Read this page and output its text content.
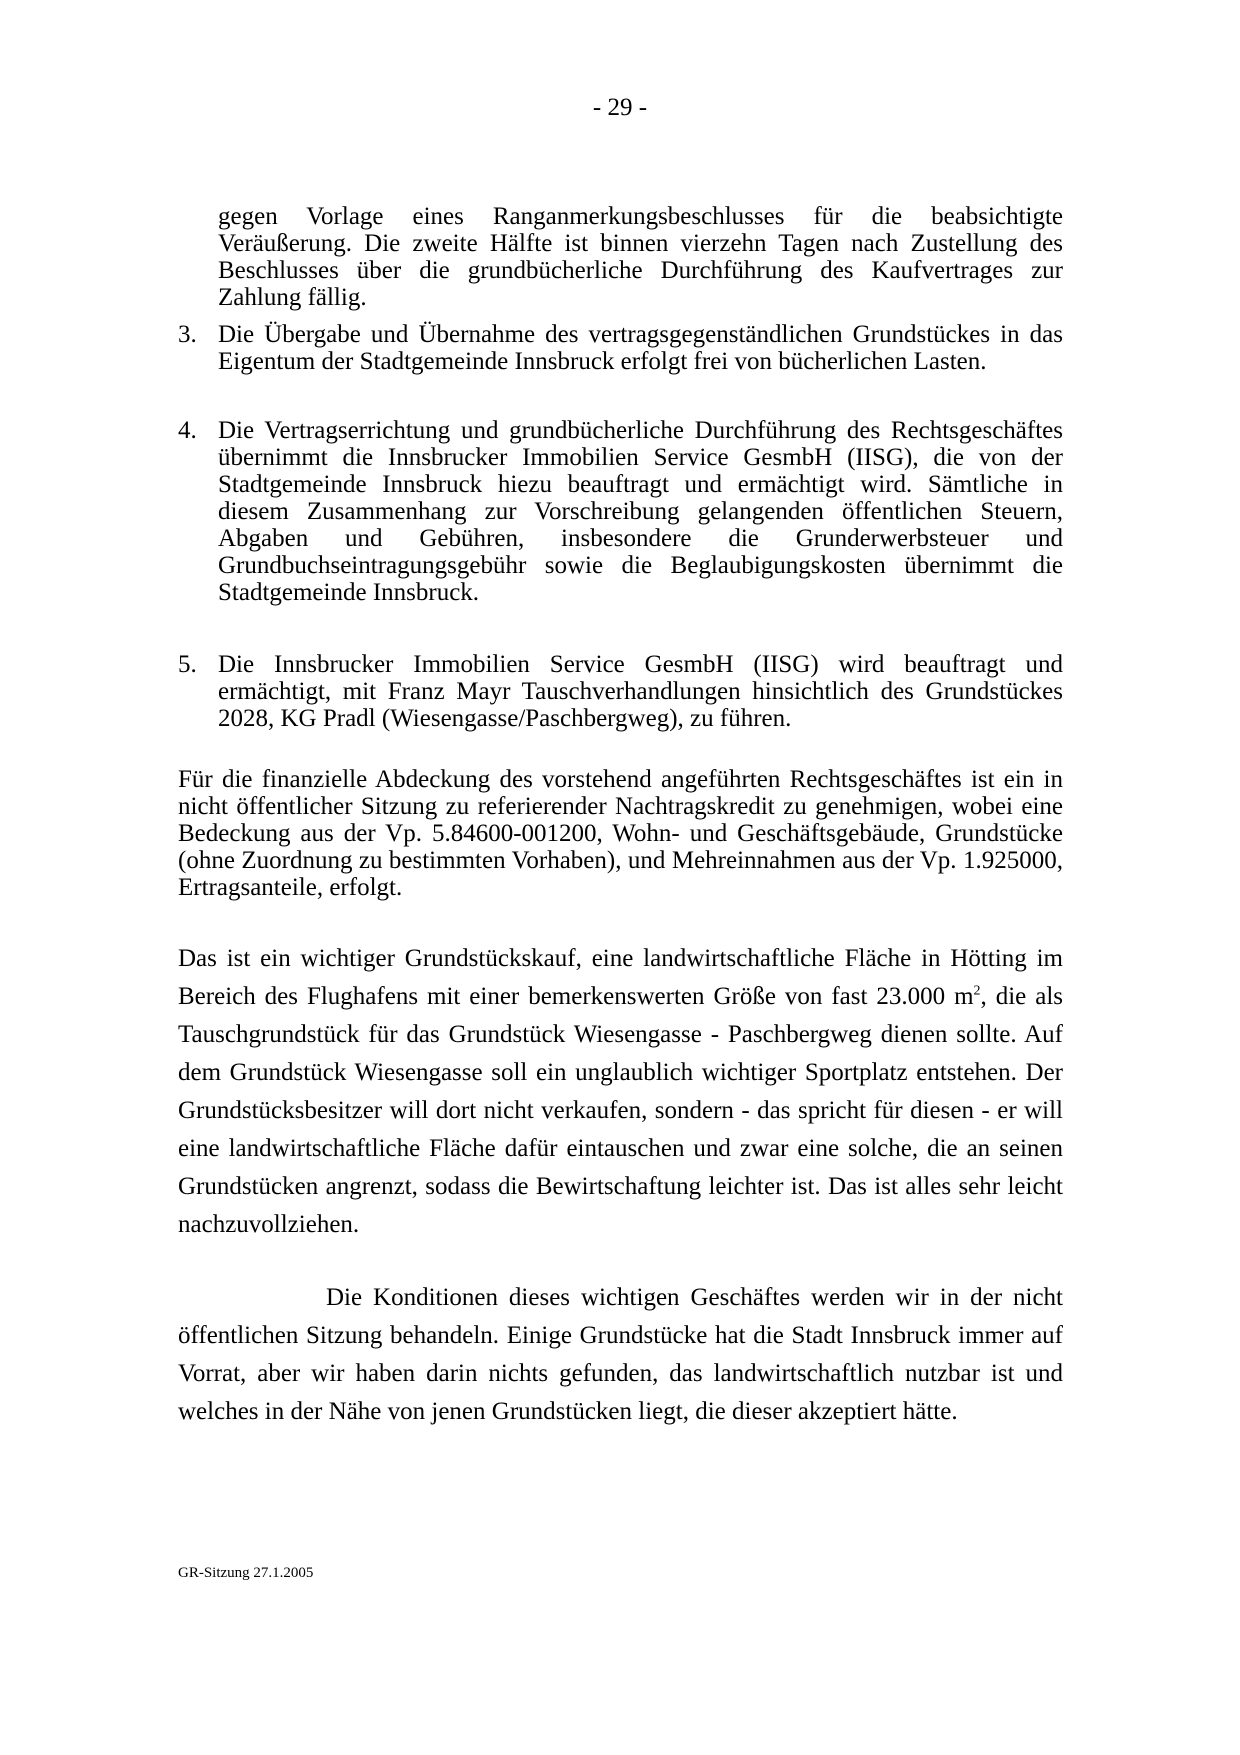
- 29 -

gegen Vorlage eines Ranganmerkungsbeschlusses für die beabsichtigte Veräußerung. Die zweite Hälfte ist binnen vierzehn Tagen nach Zustellung des Beschlusses über die grundbücherliche Durchführung des Kaufvertrages zur Zahlung fällig.

3. Die Übergabe und Übernahme des vertragsgegenständlichen Grundstückes in das Eigentum der Stadtgemeinde Innsbruck erfolgt frei von bücherlichen Lasten.
4. Die Vertragserrichtung und grundbücherliche Durchführung des Rechtsgeschäftes übernimmt die Innsbrucker Immobilien Service GesmbH (IISG), die von der Stadtgemeinde Innsbruck hiezu beauftragt und ermächtigt wird. Sämtliche in diesem Zusammenhang zur Vorschreibung gelangenden öffentlichen Steuern, Abgaben und Gebühren, insbesondere die Grunderwerbsteuer und Grundbuchseintragungsgebühr sowie die Beglaubigungskosten übernimmt die Stadtgemeinde Innsbruck.
5. Die Innsbrucker Immobilien Service GesmbH (IISG) wird beauftragt und ermächtigt, mit Franz Mayr Tauschverhandlungen hinsichtlich des Grundstückes 2028, KG Pradl (Wiesengasse/Paschbergweg), zu führen.

Für die finanzielle Abdeckung des vorstehend angeführten Rechtsgeschäftes ist ein in nicht öffentlicher Sitzung zu referierender Nachtragskredit zu genehmigen, wobei eine Bedeckung aus der Vp. 5.84600-001200, Wohn- und Geschäftsgebäude, Grundstücke (ohne Zuordnung zu bestimmten Vorhaben), und Mehreinnahmen aus der Vp. 1.925000, Ertragsanteile, erfolgt.

Das ist ein wichtiger Grundstückskauf, eine landwirtschaftliche Fläche in Hötting im Bereich des Flughafens mit einer bemerkenswerten Größe von fast 23.000 $m^2$, die als Tauschgrundstück für das Grundstück Wiesengasse - Paschbergweg dienen sollte. Auf dem Grundstück Wiesengasse soll ein unglaublich wichtiger Sportplatz entstehen. Der Grundstücksbesitzer will dort nicht verkaufen, sondern - das spricht für diesen - er will eine landwirtschaftliche Fläche dafür eintauschen und zwar eine solche, die an seinen Grundstücken angrenzt, sodass die Bewirtschaftung leichter ist. Das ist alles sehr leicht nachzuvollziehen.

Die Konditionen dieses wichtigen Geschäftes werden wir in der nicht öffentlichen Sitzung behandeln. Einige Grundstücke hat die Stadt Innsbruck immer auf Vorrat, aber wir haben darin nichts gefunden, das landwirtschaftlich nutzbar ist und welches in der Nähe von jenen Grundstücken liegt, die dieser akzeptiert hätte.

GR-Sitzung 27.1.2005
